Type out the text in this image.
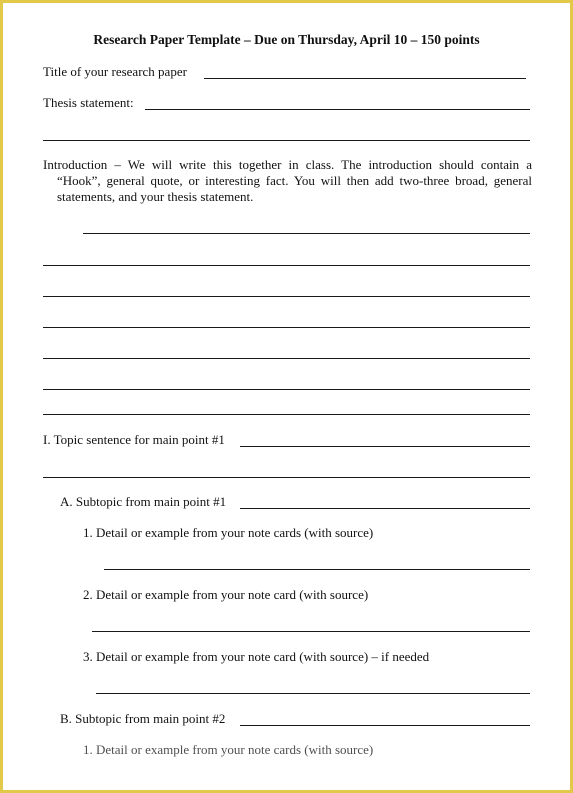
Research Paper Template – Due on Thursday, April 10 – 150 points
Title of your research paper
Thesis statement:
Introduction – We will write this together in class. The introduction should contain a
“Hook”, general quote, or interesting fact. You will then add two-three broad, general
statements, and your thesis statement.
I. Topic sentence for main point #1
A. Subtopic from main point #1
1. Detail or example from your note cards (with source)
2. Detail or example from your note card (with source)
3. Detail or example from your note card (with source) – if needed
B. Subtopic from main point #2
1. Detail or example from your note cards (with source)
